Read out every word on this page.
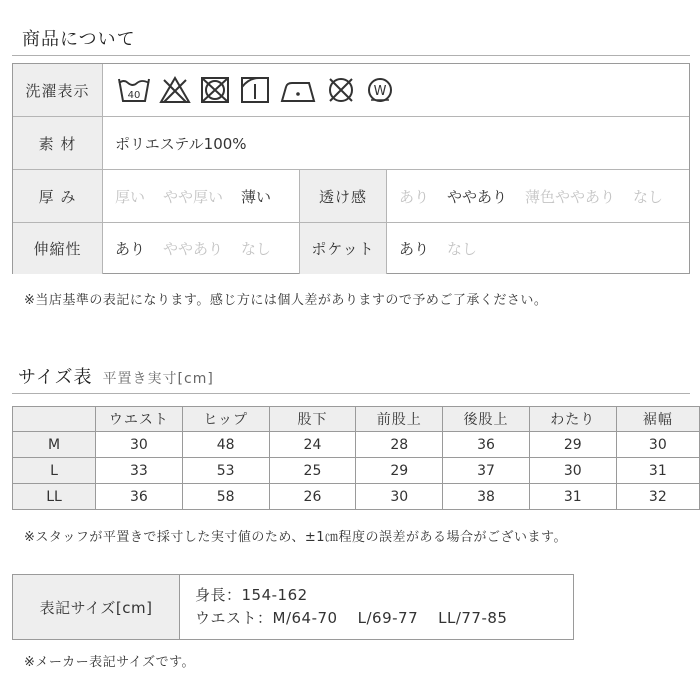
商品について
洗濯表示	40	W
素 材	ポリエステル100%
厚 み	厚い やや厚い 薄い	透け感	あり ややあり 薄色ややあり なし
伸縮性	あり ややあり なし	ポケット	あり なし
※当店基準の表記になります。感じ方には個人差がありますので予めご了承ください。
サイズ表 平置き実寸[cm]
	ウエスト	ヒップ	股下	前股上	後股上	わたり	裾幅
M	30	48	24	28	36	29	30
L	33	53	25	29	37	30	31
LL	36	58	26	30	38	31	32
※スタッフが平置きで採寸した実寸値のため、±1㎝程度の誤差がある場合がございます。
表記サイズ[cm]
身長：154-162
ウエスト：M/64-70 L/69-77 LL/77-85
※メーカー表記サイズです。
